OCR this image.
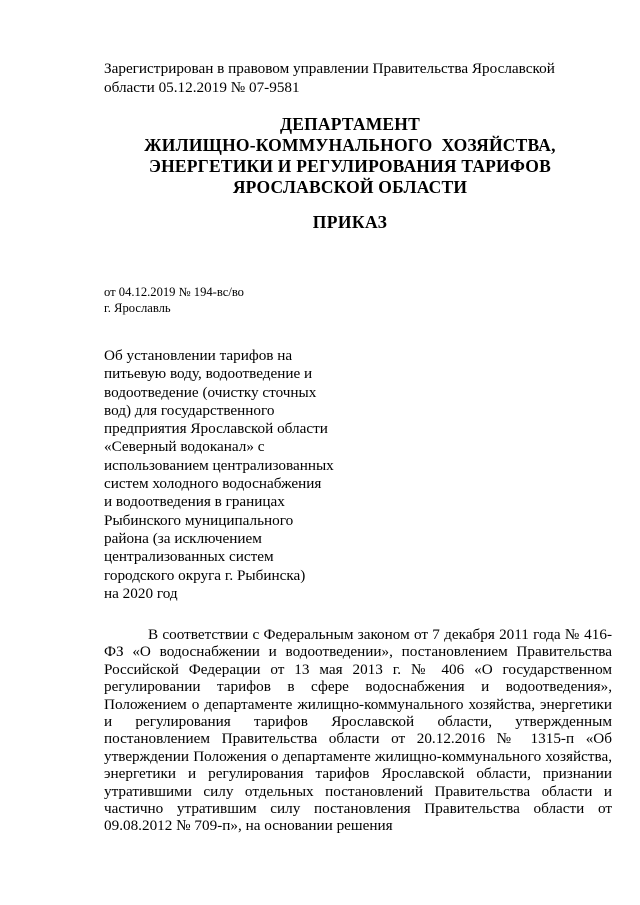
Зарегистрирован в правовом управлении Правительства Ярославской области 05.12.2019 № 07-9581
ДЕПАРТАМЕНТ
ЖИЛИЩНО-КОММУНАЛЬНОГО  ХОЗЯЙСТВА,
ЭНЕРГЕТИКИ И РЕГУЛИРОВАНИЯ ТАРИФОВ
ЯРОСЛАВСКОЙ ОБЛАСТИ
ПРИКАЗ
от 04.12.2019 № 194-вс/во
г. Ярославль
Об установлении тарифов на
питьевую воду, водоотведение и
водоотведение (очистку сточных
вод) для государственного
предприятия Ярославской области
«Северный водоканал» с
использованием централизованных
систем холодного водоснабжения
и водоотведения в границах
Рыбинского муниципального
района (за исключением
централизованных систем
городского округа г. Рыбинска)
на 2020 год
В соответствии с Федеральным законом от 7 декабря 2011 года № 416-ФЗ «О водоснабжении и водоотведении», постановлением Правительства Российской Федерации от 13 мая 2013 г. № 406 «О государственном регулировании тарифов в сфере водоснабжения и водоотведения», Положением о департаменте жилищно-коммунального хозяйства, энергетики и регулирования тарифов Ярославской области, утвержденным постановлением Правительства области от 20.12.2016 № 1315-п «Об утверждении Положения о департаменте жилищно-коммунального хозяйства, энергетики и регулирования тарифов Ярославской области, признании утратившими силу отдельных постановлений Правительства области и частично утратившим силу постановления Правительства области от 09.08.2012 № 709-п», на основании решения
